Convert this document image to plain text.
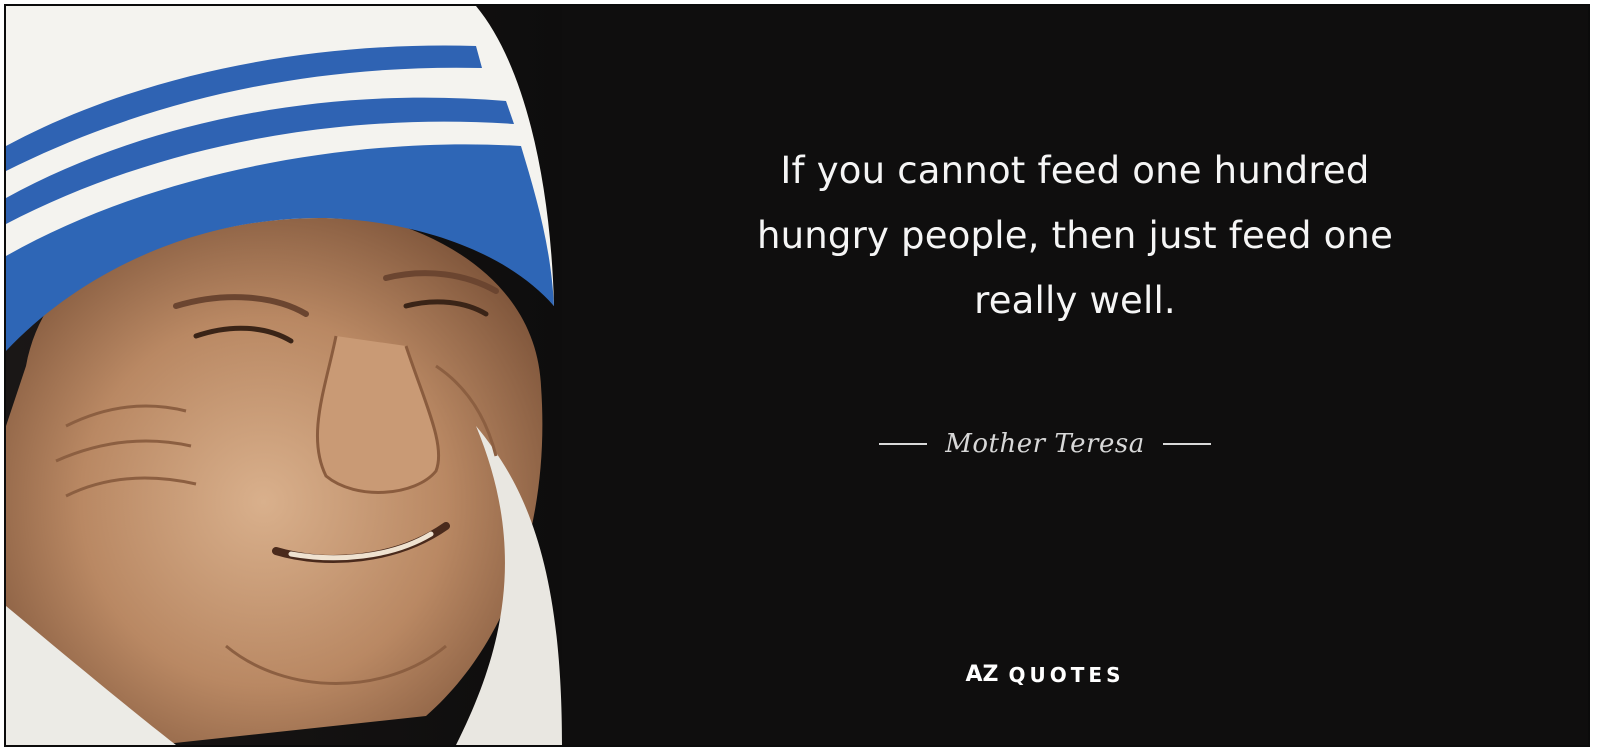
If you cannot feed one hundred
hungry people, then just feed one
really well.

Mother Teresa
AZ QUOTES
